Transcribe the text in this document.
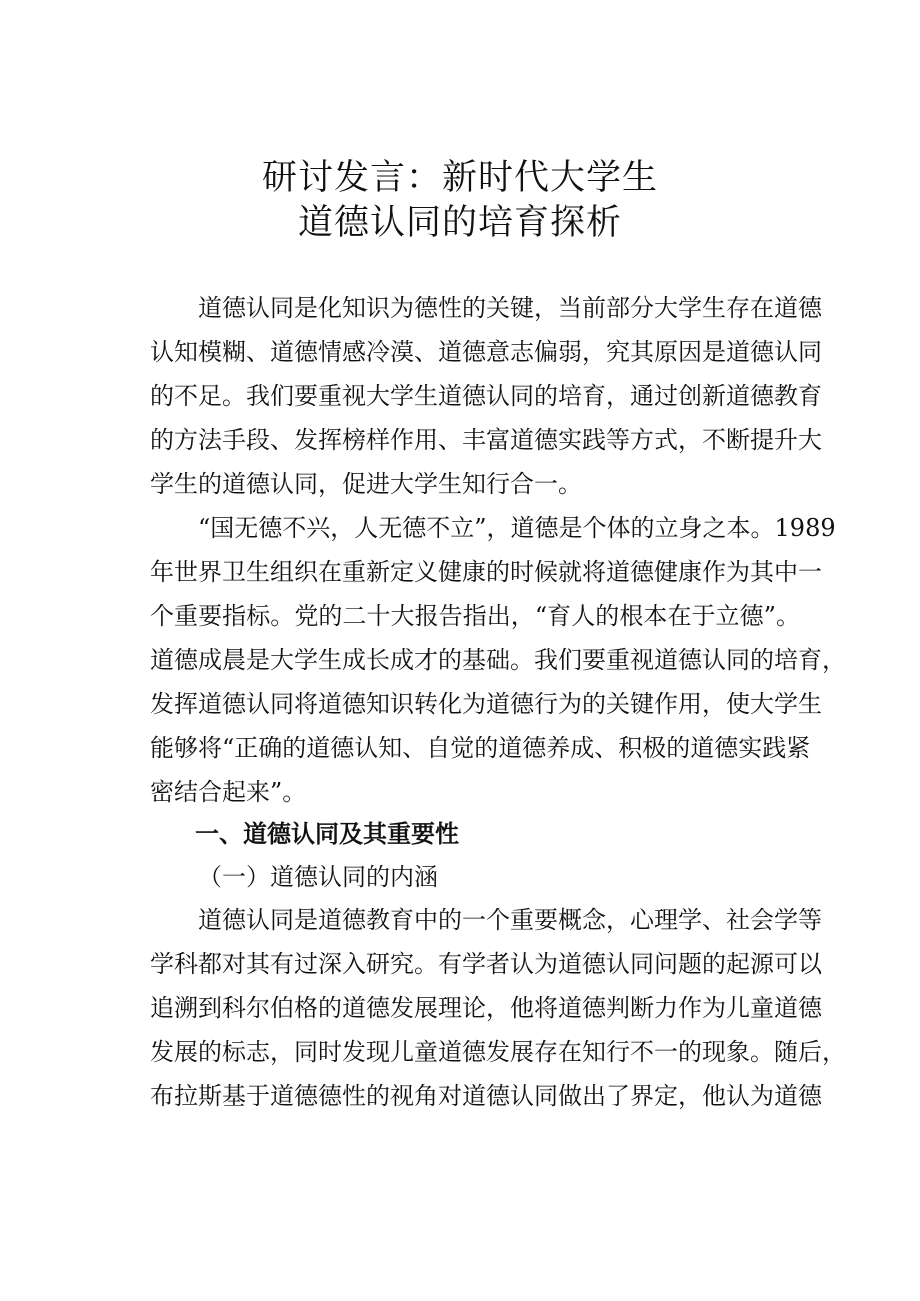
研讨发言：新时代大学生
道德认同的培育探析

　　道德认同是化知识为德性的关键，当前部分大学生存在道德

认知模糊、道德情感冷漠、道德意志偏弱，究其原因是道德认同

的不足。我们要重视大学生道德认同的培育，通过创新道德教育

的方法手段、发挥榜样作用、丰富道德实践等方式，不断提升大

学生的道德认同，促进大学生知行合一。

　　“国无德不兴，人无德不立”，道德是个体的立身之本。1989

年世界卫生组织在重新定义健康的时候就将道德健康作为其中一

个重要指标。党的二十大报告指出，“育人的根本在于立德”。

道德成晨是大学生成长成才的基础。我们要重视道德认同的培育，

发挥道德认同将道德知识转化为道德行为的关键作用，使大学生

能够将“正确的道德认知、自觉的道德养成、积极的道德实践紧

密结合起来”。

一、道德认同及其重要性

（一）道德认同的内涵

　　道德认同是道德教育中的一个重要概念，心理学、社会学等

学科都对其有过深入研究。有学者认为道德认同问题的起源可以

追溯到科尔伯格的道德发展理论，他将道德判断力作为儿童道德

发展的标志，同时发现儿童道德发展存在知行不一的现象。随后，

布拉斯基于道德德性的视角对道德认同做出了界定，他认为道德
